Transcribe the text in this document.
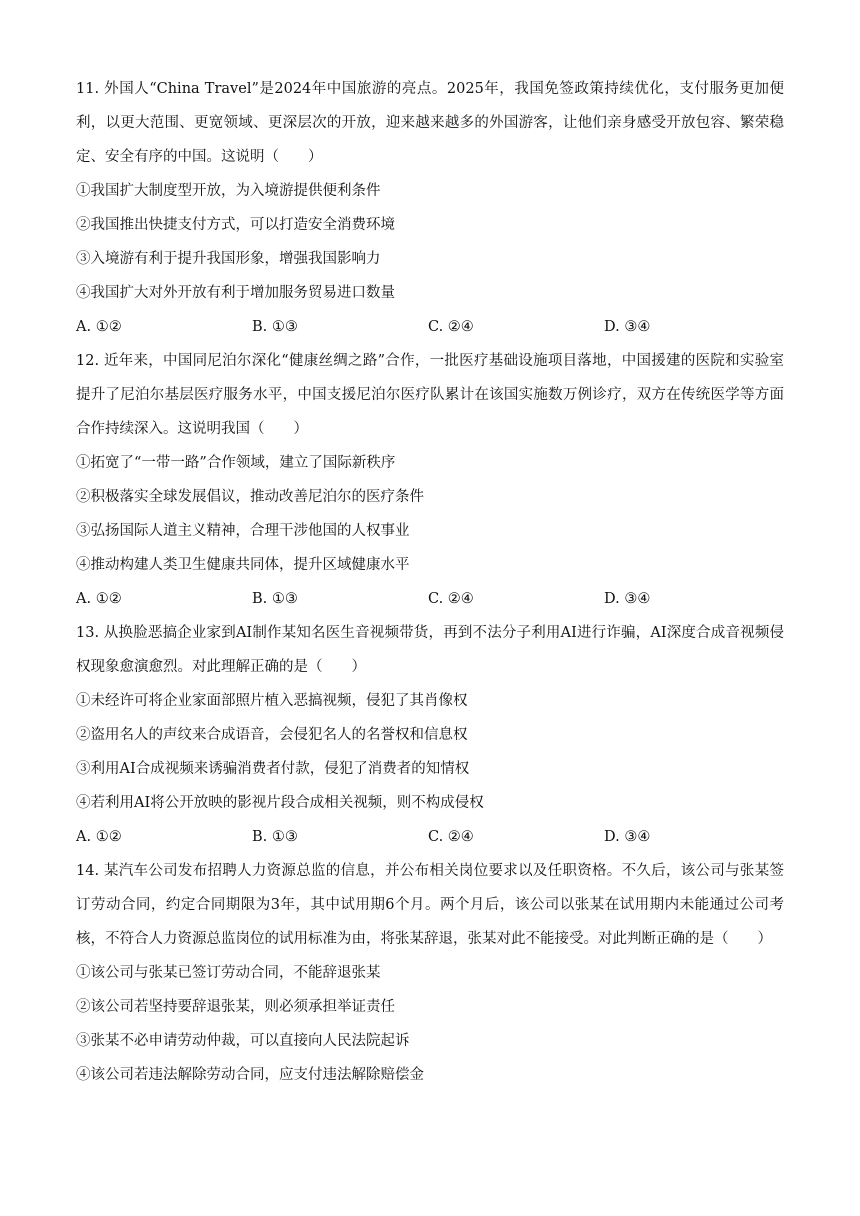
11. 外国人“China Travel”是2024年中国旅游的亮点。2025年，我国免签政策持续优化，支付服务更加便利，以更大范围、更宽领域、更深层次的开放，迎来越来越多的外国游客，让他们亲身感受开放包容、繁荣稳定、安全有序的中国。这说明（　　）

①我国扩大制度型开放，为入境游提供便利条件

②我国推出快捷支付方式，可以打造安全消费环境

③入境游有利于提升我国形象，增强我国影响力

④我国扩大对外开放有利于增加服务贸易进口数量

A. ①②	B. ①③	C. ②④	D. ③④

12. 近年来，中国同尼泊尔深化“健康丝绸之路”合作，一批医疗基础设施项目落地，中国援建的医院和实验室提升了尼泊尔基层医疗服务水平，中国支援尼泊尔医疗队累计在该国实施数万例诊疗，双方在传统医学等方面合作持续深入。这说明我国（　　）

①拓宽了“一带一路”合作领域，建立了国际新秩序

②积极落实全球发展倡议，推动改善尼泊尔的医疗条件

③弘扬国际人道主义精神，合理干涉他国的人权事业

④推动构建人类卫生健康共同体，提升区域健康水平

A. ①②	B. ①③	C. ②④	D. ③④

13. 从换脸恶搞企业家到AI制作某知名医生音视频带货，再到不法分子利用AI进行诈骗，AI深度合成音视频侵权现象愈演愈烈。对此理解正确的是（　　）

①未经许可将企业家面部照片植入恶搞视频，侵犯了其肖像权

②盗用名人的声纹来合成语音，会侵犯名人的名誉权和信息权

③利用AI合成视频来诱骗消费者付款，侵犯了消费者的知情权

④若利用AI将公开放映的影视片段合成相关视频，则不构成侵权

A. ①②	B. ①③	C. ②④	D. ③④

14. 某汽车公司发布招聘人力资源总监的信息，并公布相关岗位要求以及任职资格。不久后，该公司与张某签订劳动合同，约定合同期限为3年，其中试用期6个月。两个月后，该公司以张某在试用期内未能通过公司考核，不符合人力资源总监岗位的试用标准为由，将张某辞退，张某对此不能接受。对此判断正确的是（　　）

①该公司与张某已签订劳动合同，不能辞退张某

②该公司若坚持要辞退张某，则必须承担举证责任

③张某不必申请劳动仲裁，可以直接向人民法院起诉

④该公司若违法解除劳动合同，应支付违法解除赔偿金
